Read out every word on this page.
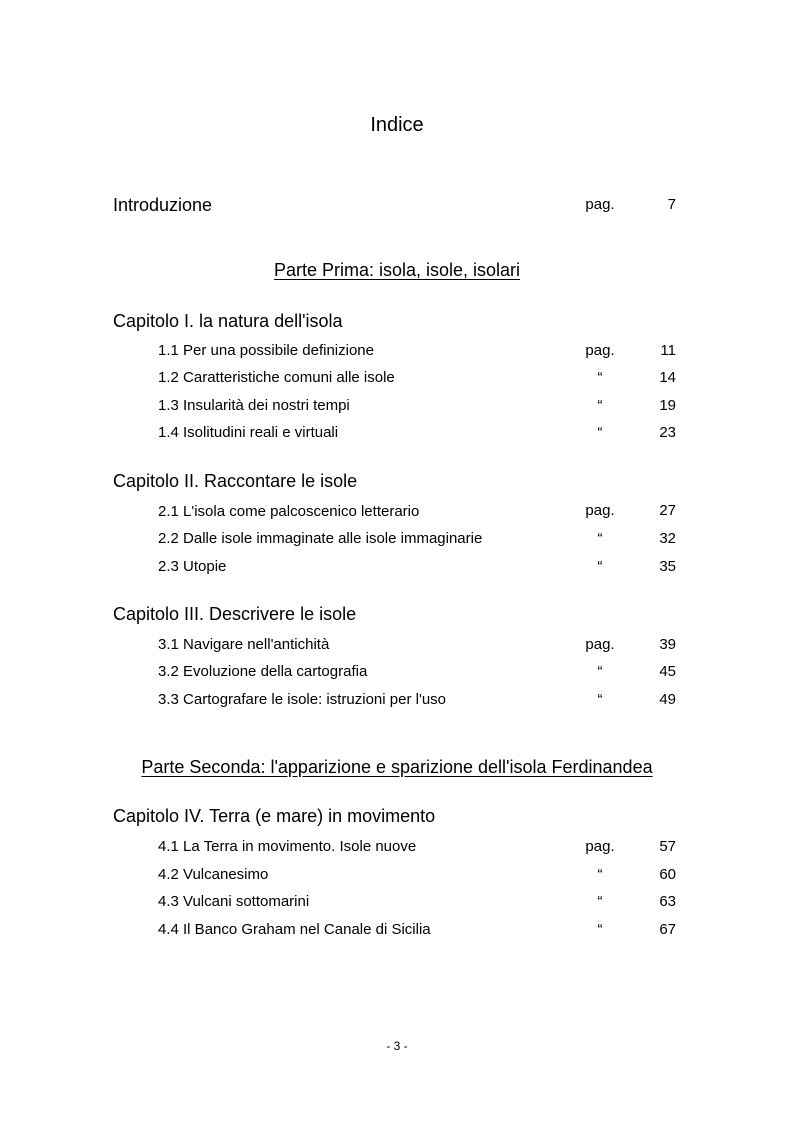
Indice
Introduzione	pag.	7
Parte Prima: isola, isole, isolari
Capitolo I. la natura dell'isola
1.1 Per una possibile definizione	pag.	11
1.2 Caratteristiche comuni alle isole	“	14
1.3 Insularità dei nostri tempi	“	19
1.4 Isolitudini reali e virtuali	“	23
Capitolo II. Raccontare le isole
2.1 L'isola come palcoscenico letterario	pag.	27
2.2 Dalle isole immaginate alle isole immaginarie	“	32
2.3 Utopie	“	35
Capitolo III. Descrivere le isole
3.1 Navigare nell'antichità	pag.	39
3.2 Evoluzione della cartografia	“	45
3.3 Cartografare le isole: istruzioni per l'uso	“	49
Parte Seconda: l'apparizione e sparizione dell'isola Ferdinandea
Capitolo IV. Terra (e mare) in movimento
4.1 La Terra in movimento. Isole nuove	pag.	57
4.2 Vulcanesimo	“	60
4.3 Vulcani sottomarini	“	63
4.4 Il Banco Graham nel Canale di Sicilia	“	67
- 3 -
